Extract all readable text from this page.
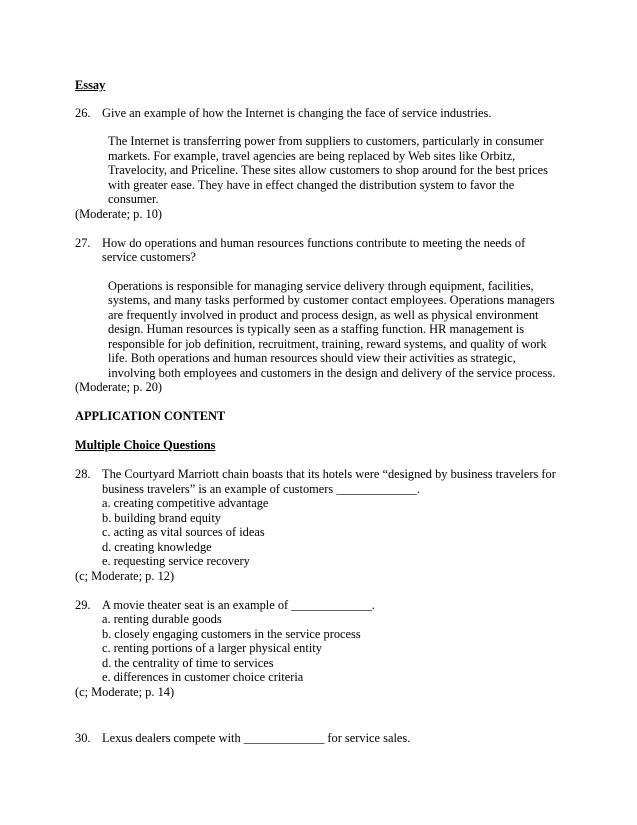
Essay
26. Give an example of how the Internet is changing the face of service industries.
The Internet is transferring power from suppliers to customers, particularly in consumer markets. For example, travel agencies are being replaced by Web sites like Orbitz, Travelocity, and Priceline. These sites allow customers to shop around for the best prices with greater ease. They have in effect changed the distribution system to favor the consumer.
(Moderate; p. 10)
27. How do operations and human resources functions contribute to meeting the needs of service customers?
Operations is responsible for managing service delivery through equipment, facilities, systems, and many tasks performed by customer contact employees. Operations managers are frequently involved in product and process design, as well as physical environment design. Human resources is typically seen as a staffing function. HR management is responsible for job definition, recruitment, training, reward systems, and quality of work life. Both operations and human resources should view their activities as strategic, involving both employees and customers in the design and delivery of the service process.
(Moderate; p. 20)
APPLICATION CONTENT
Multiple Choice Questions
28. The Courtyard Marriott chain boasts that its hotels were “designed by business travelers for business travelers” is an example of customers _____________.
a. creating competitive advantage
b. building brand equity
c. acting as vital sources of ideas
d. creating knowledge
e. requesting service recovery
(c; Moderate; p. 12)
29. A movie theater seat is an example of _____________.
a. renting durable goods
b. closely engaging customers in the service process
c. renting portions of a larger physical entity
d. the centrality of time to services
e. differences in customer choice criteria
(c; Moderate; p. 14)
30. Lexus dealers compete with _____________ for service sales.
